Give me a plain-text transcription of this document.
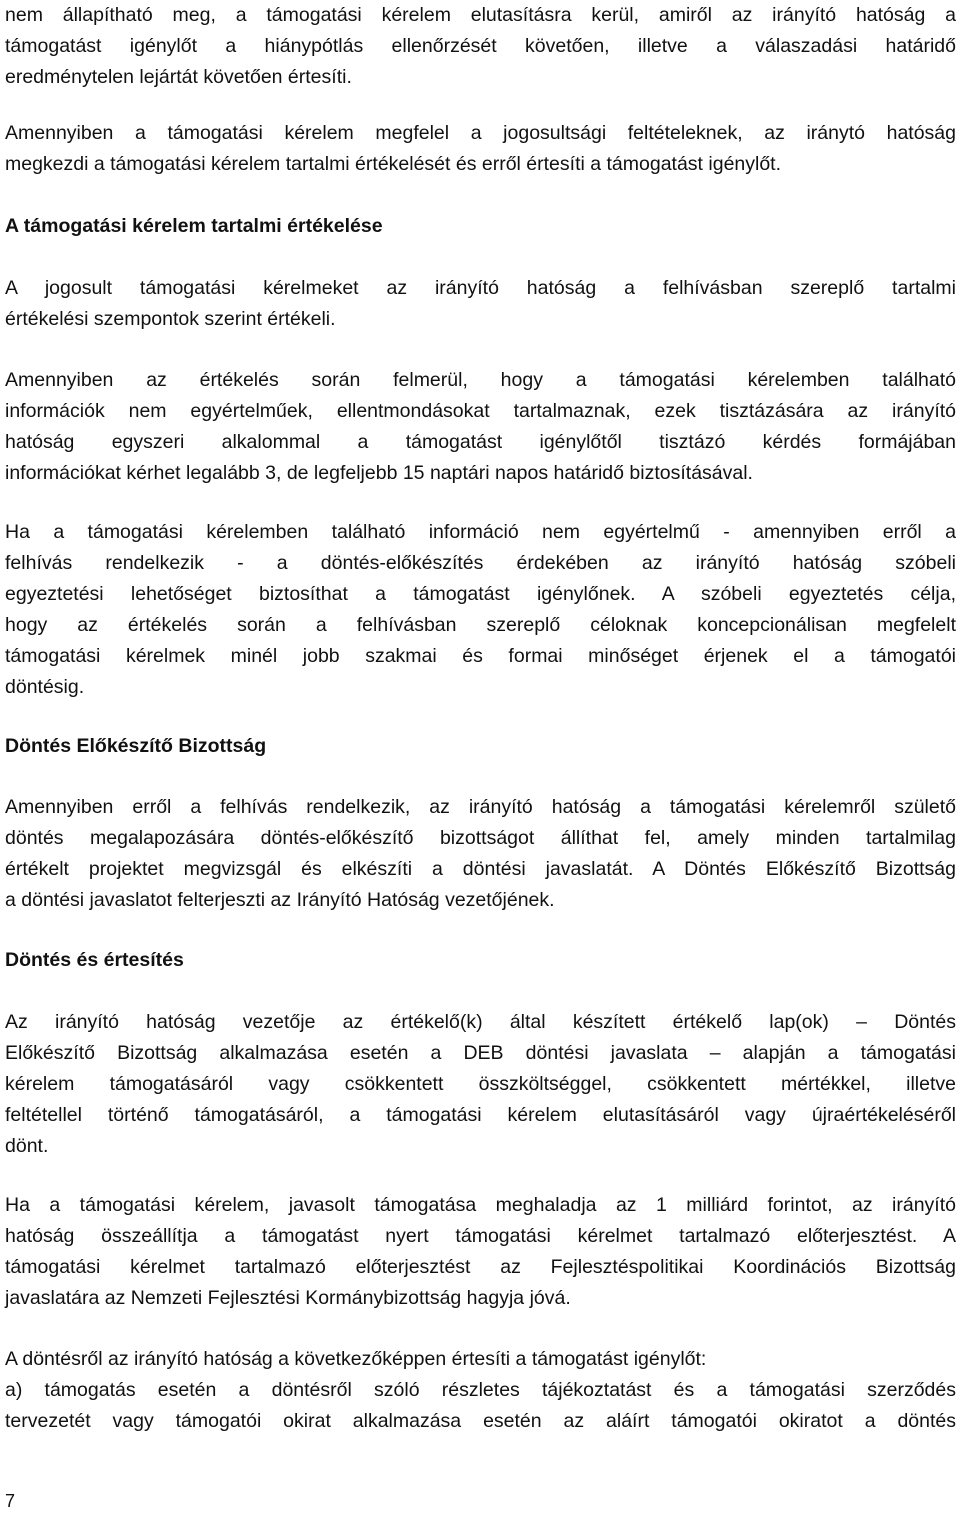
nem állapítható meg, a támogatási kérelem elutasításra kerül, amiről az irányító hatóság a
támogatást igénylőt a hiánypótlás ellenőrzését követően, illetve a válaszadási határidő
eredménytelen lejártát követően értesíti.

Amennyiben a támogatási kérelem megfelel a jogosultsági feltételeknek, az iránytó hatóság
megkezdi a támogatási kérelem tartalmi értékelését és erről értesíti a támogatást igénylőt.

A támogatási kérelem tartalmi értékelése

A jogosult támogatási kérelmeket az irányító hatóság a felhívásban szereplő tartalmi
értékelési szempontok szerint értékeli.

Amennyiben az értékelés során felmerül, hogy a támogatási kérelemben található
információk nem egyértelműek, ellentmondásokat tartalmaznak, ezek tisztázására az irányító
hatóság egyszeri alkalommal a támogatást igénylőtől tisztázó kérdés formájában
információkat kérhet legalább 3, de legfeljebb 15 naptári napos határidő biztosításával.

Ha a támogatási kérelemben található információ nem egyértelmű - amennyiben erről a
felhívás rendelkezik - a döntés-előkészítés érdekében az irányító hatóság szóbeli
egyeztetési lehetőséget biztosíthat a támogatást igénylőnek. A szóbeli egyeztetés célja,
hogy az értékelés során a felhívásban szereplő céloknak koncepcionálisan megfelelt
támogatási kérelmek minél jobb szakmai és formai minőséget érjenek el a támogatói
döntésig.

Döntés Előkészítő Bizottság

Amennyiben erről a felhívás rendelkezik, az irányító hatóság a támogatási kérelemről születő
döntés megalapozására döntés-előkészítő bizottságot állíthat fel, amely minden tartalmilag
értékelt projektet megvizsgál és elkészíti a döntési javaslatát. A Döntés Előkészítő Bizottság
a döntési javaslatot felterjeszti az Irányító Hatóság vezetőjének.

Döntés és értesítés

Az irányító hatóság vezetője az értékelő(k) által készített értékelő lap(ok) – Döntés
Előkészítő Bizottság alkalmazása esetén a DEB döntési javaslata – alapján a támogatási
kérelem támogatásáról vagy csökkentett összköltséggel, csökkentett mértékkel, illetve
feltétellel történő támogatásáról, a támogatási kérelem elutasításáról vagy újraértékeléséről
dönt.

Ha a támogatási kérelem, javasolt támogatása meghaladja az 1 milliárd forintot, az irányító
hatóság összeállítja a támogatást nyert támogatási kérelmet tartalmazó előterjesztést. A
támogatási kérelmet tartalmazó előterjesztést az Fejlesztéspolitikai Koordinációs Bizottság
javaslatára az Nemzeti Fejlesztési Kormánybizottság hagyja jóvá.

A döntésről az irányító hatóság a következőképpen értesíti a támogatást igénylőt:

a) támogatás esetén a döntésről szóló részletes tájékoztatást és a támogatási szerződés
tervezetét vagy támogatói okirat alkalmazása esetén az aláírt támogatói okiratot a döntés

7
